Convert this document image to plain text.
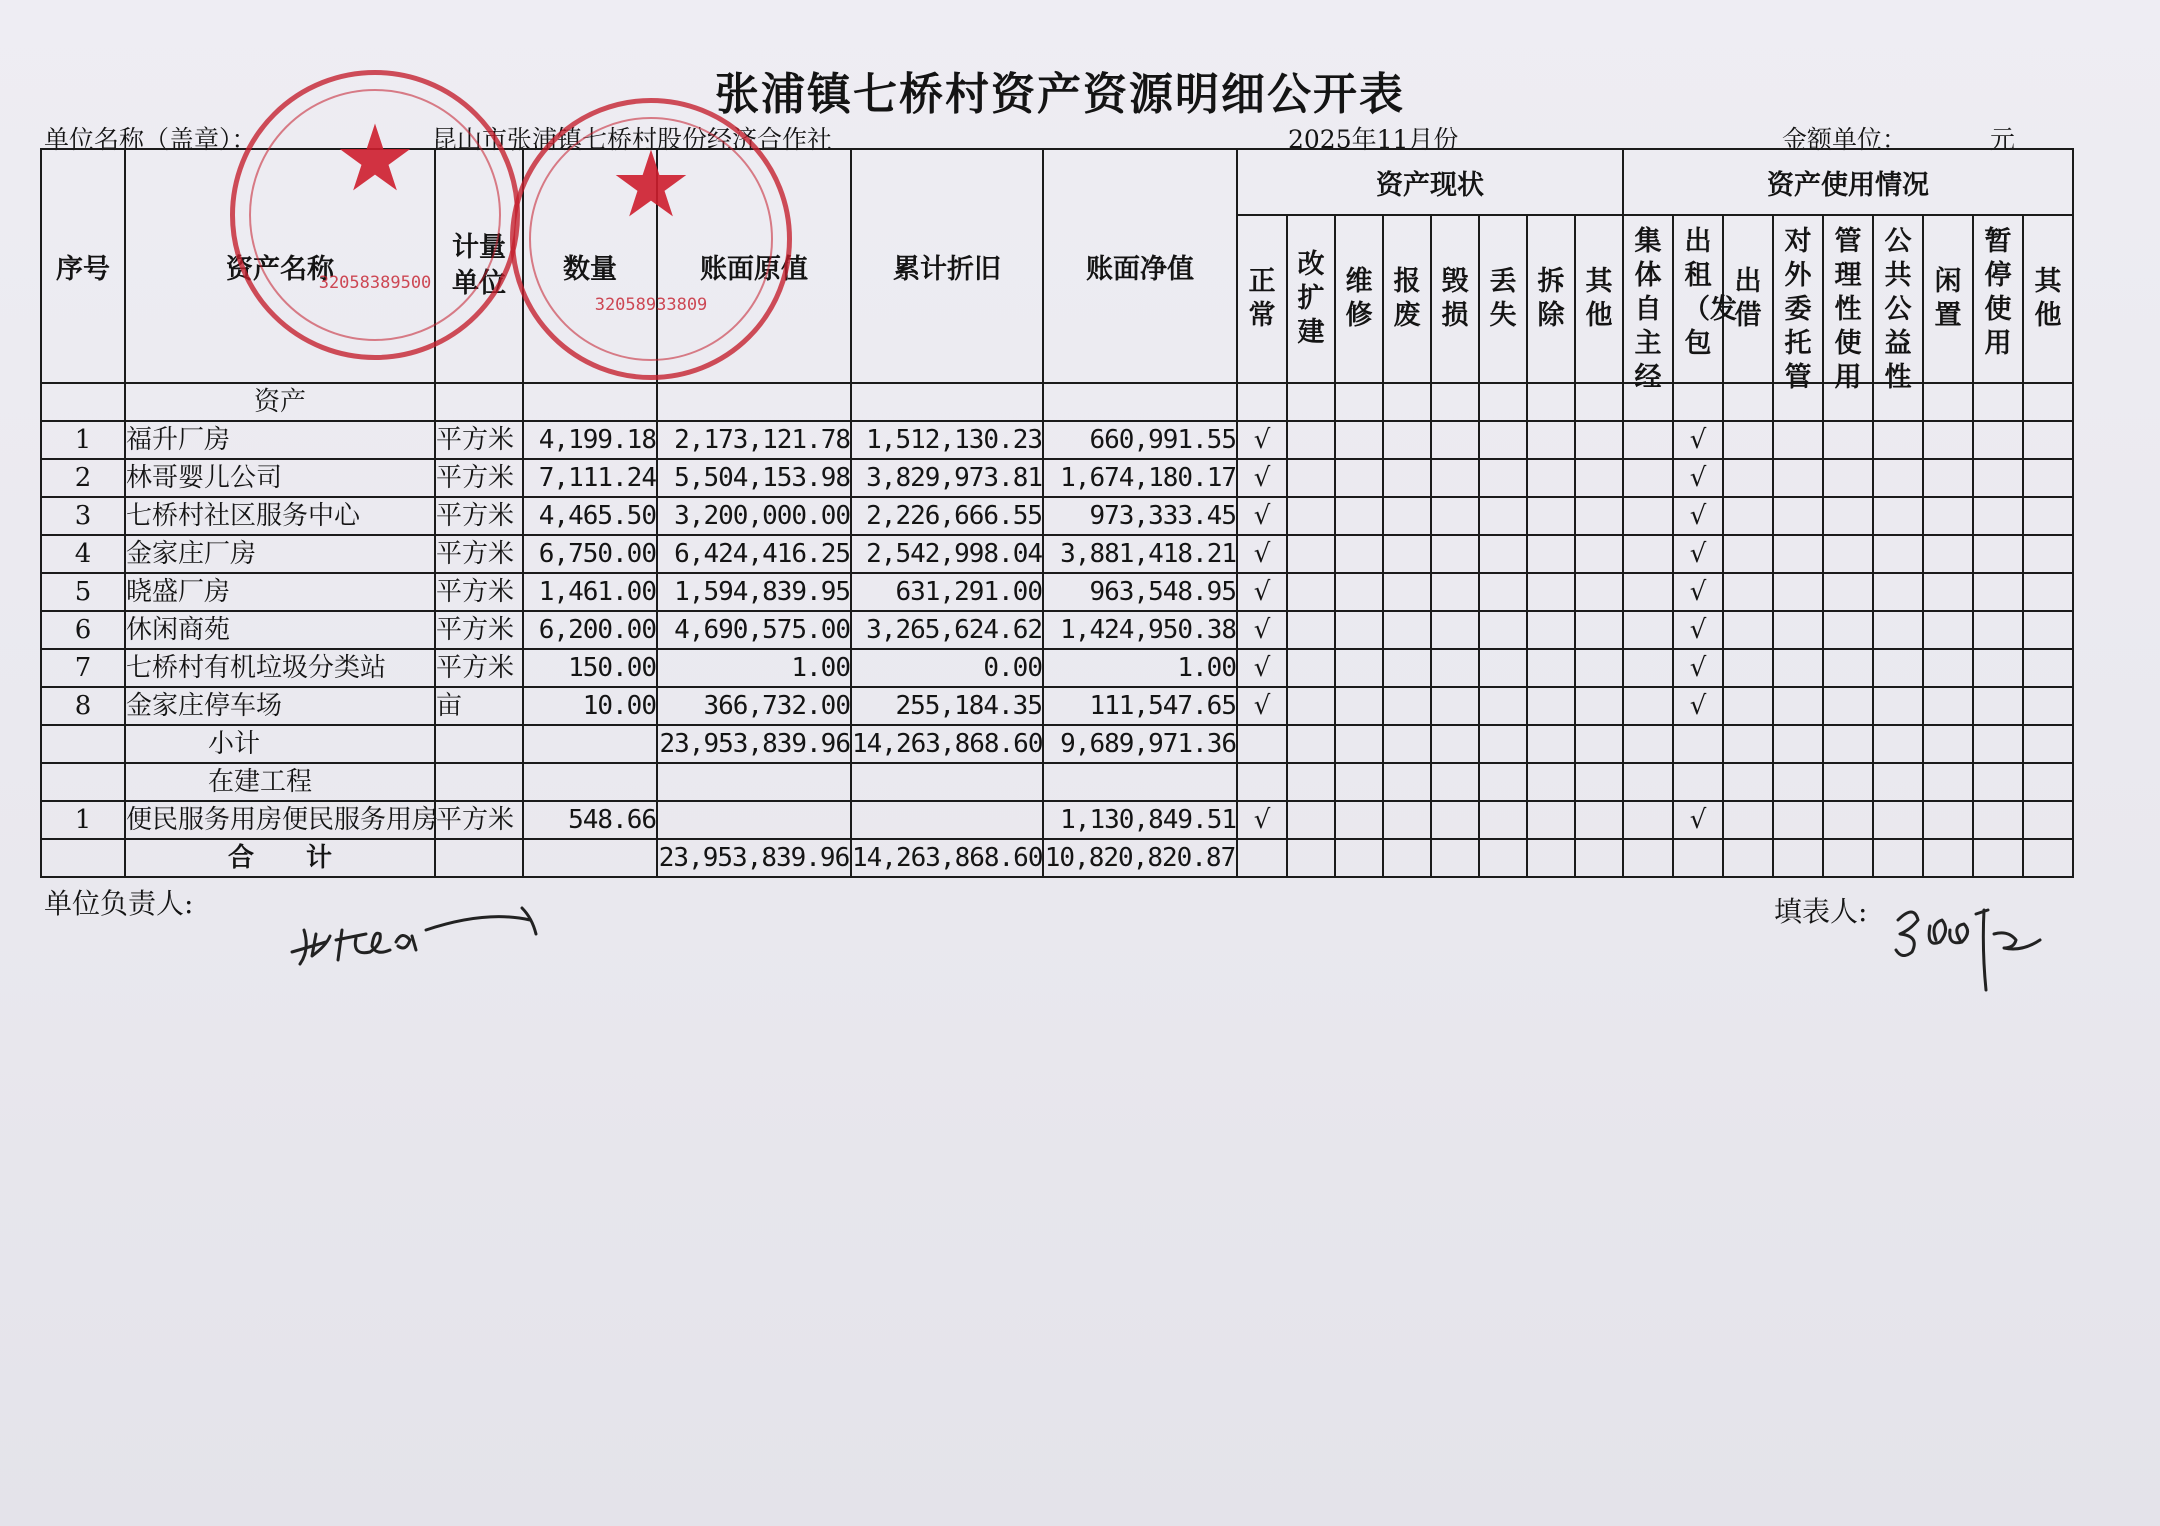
张浦镇七桥村资产资源明细公开表
单位名称（盖章）：	昆山市张浦镇七桥村股份经济合作社	2025年11月份	金额单位：	元
序号	资产名称	计量单位	数量	账面原值	累计折旧	账面净值	资产现状								资产使用情况								

							正常	改扩建	维修	报废	毁损	丢失	拆除	其他	集体自主经	出租（发包	出借	对外委托管	管理性使用	公共公益性	闲置	暂停使用	其他

	资产																						
1	福升厂房	平方米	4,199.18	2,173,121.78	1,512,130.23	660,991.55	√									√							
2	林哥婴儿公司	平方米	7,111.24	5,504,153.98	3,829,973.81	1,674,180.17	√									√							
3	七桥村社区服务中心	平方米	4,465.50	3,200,000.00	2,226,666.55	973,333.45	√									√							
4	金家庄厂房	平方米	6,750.00	6,424,416.25	2,542,998.04	3,881,418.21	√									√							
5	晓盛厂房	平方米	1,461.00	1,594,839.95	631,291.00	963,548.95	√									√							
6	休闲商苑	平方米	6,200.00	4,690,575.00	3,265,624.62	1,424,950.38	√									√							
7	七桥村有机垃圾分类站	平方米	150.00	1.00	0.00	1.00	√									√							
8	金家庄停车场	亩	10.00	366,732.00	255,184.35	111,547.65	√									√							
	小计			23,953,839.96	14,263,868.60	9,689,971.36																	
	在建工程																						
1	便民服务用房便民服务用房	平方米	548.66			1,130,849.51	√									√							
	合　　计			23,953,839.96	14,263,868.60	10,820,820.87																	
★
32058389500
★
32058933809
单位负责人:	填表人:
